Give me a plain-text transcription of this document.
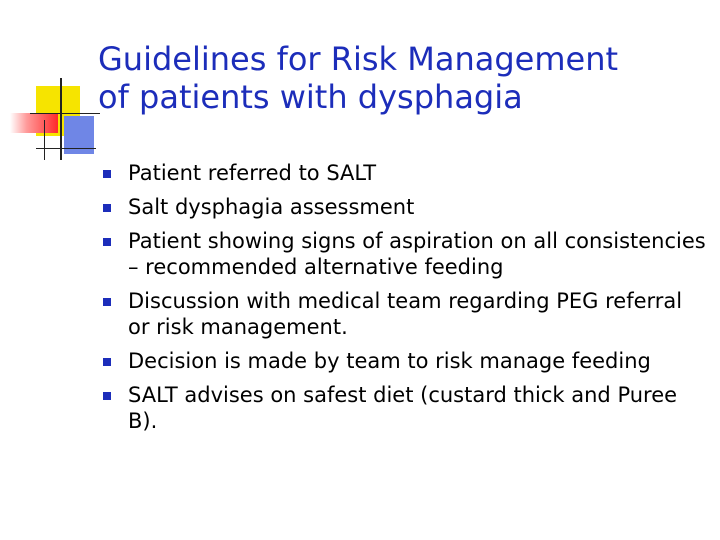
Guidelines for Risk Management
of patients with dysphagia
Patient referred to SALT
Salt dysphagia assessment
Patient showing signs of aspiration on all consistencies – recommended alternative feeding
Discussion with medical team regarding PEG referral or risk management.
Decision is made by team to risk manage feeding
SALT advises on safest diet (custard thick and Puree B).
